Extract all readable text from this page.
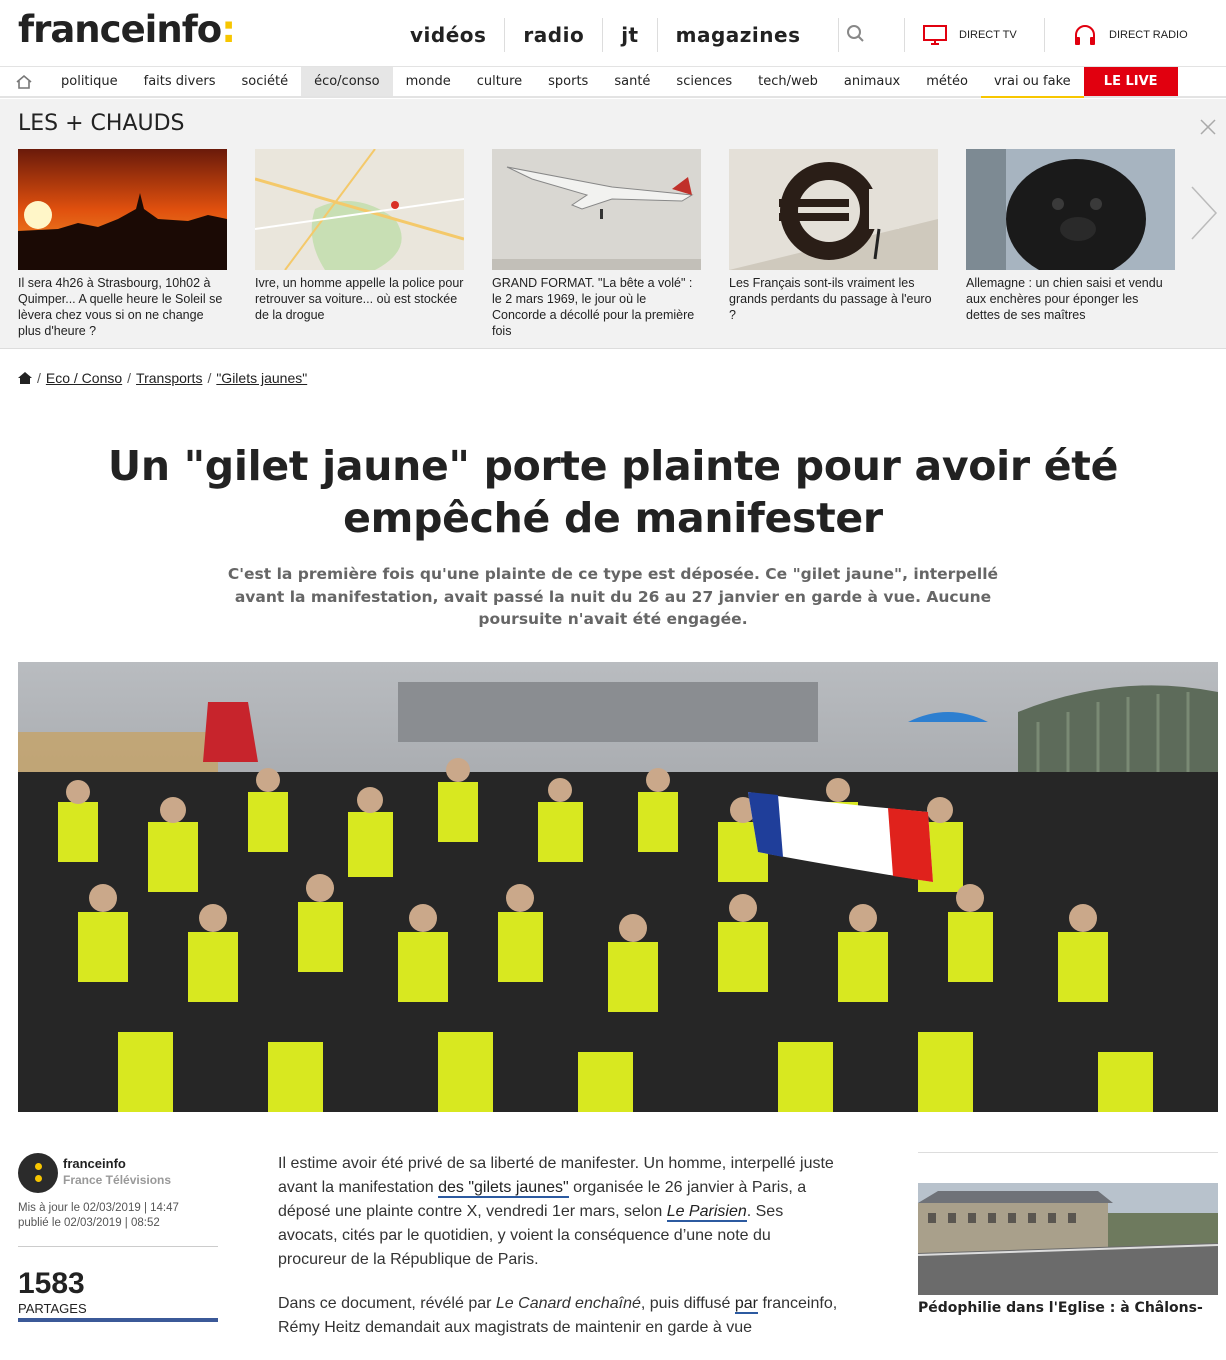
franceinfo:	vidéos	radio	jt	magazines	DIRECT TV	DIRECT RADIO
politique	faits divers	société	éco/conso	monde	culture	sports	santé	sciences	tech/web	animaux	météo	vrai ou fake	LE LIVE
LES + CHAUDS
Il sera 4h26 à Strasbourg, 10h02 à Quimper... A quelle heure le Soleil se lèvera chez vous si on ne change plus d'heure ?
Ivre, un homme appelle la police pour retrouver sa voiture... où est stockée de la drogue
GRAND FORMAT. "La bête a volé" : le 2 mars 1969, le jour où le Concorde a décollé pour la première fois
Les Français sont-ils vraiment les grands perdants du passage à l'euro ?
Allemagne : un chien saisi et vendu aux enchères pour éponger les dettes de ses maîtres
/ Eco / Conso / Transports / "Gilets jaunes"
Un "gilet jaune" porte plainte pour avoir été empêché de manifester

C'est la première fois qu'une plainte de ce type est déposée. Ce "gilet jaune", interpellé avant la manifestation, avait passé la nuit du 26 au 27 janvier en garde à vue. Aucune poursuite n'avait été engagée.

franceinfo
France Télévisions
Mis à jour le 02/03/2019 | 14:47
publié le 02/03/2019 | 08:52
1583
PARTAGES

Il estime avoir été privé de sa liberté de manifester. Un homme, interpellé juste avant la manifestation des "gilets jaunes" organisée le 26 janvier à Paris, a déposé une plainte contre X, vendredi 1er mars, selon Le Parisien. Ses avocats, cités par le quotidien, y voient la conséquence d’une note du procureur de la République de Paris.

Dans ce document, révélé par Le Canard enchaîné, puis diffusé par franceinfo, Rémy Heitz demandait aux magistrats de maintenir en garde à vue

Pédophilie dans l'Eglise : à Châlons-
